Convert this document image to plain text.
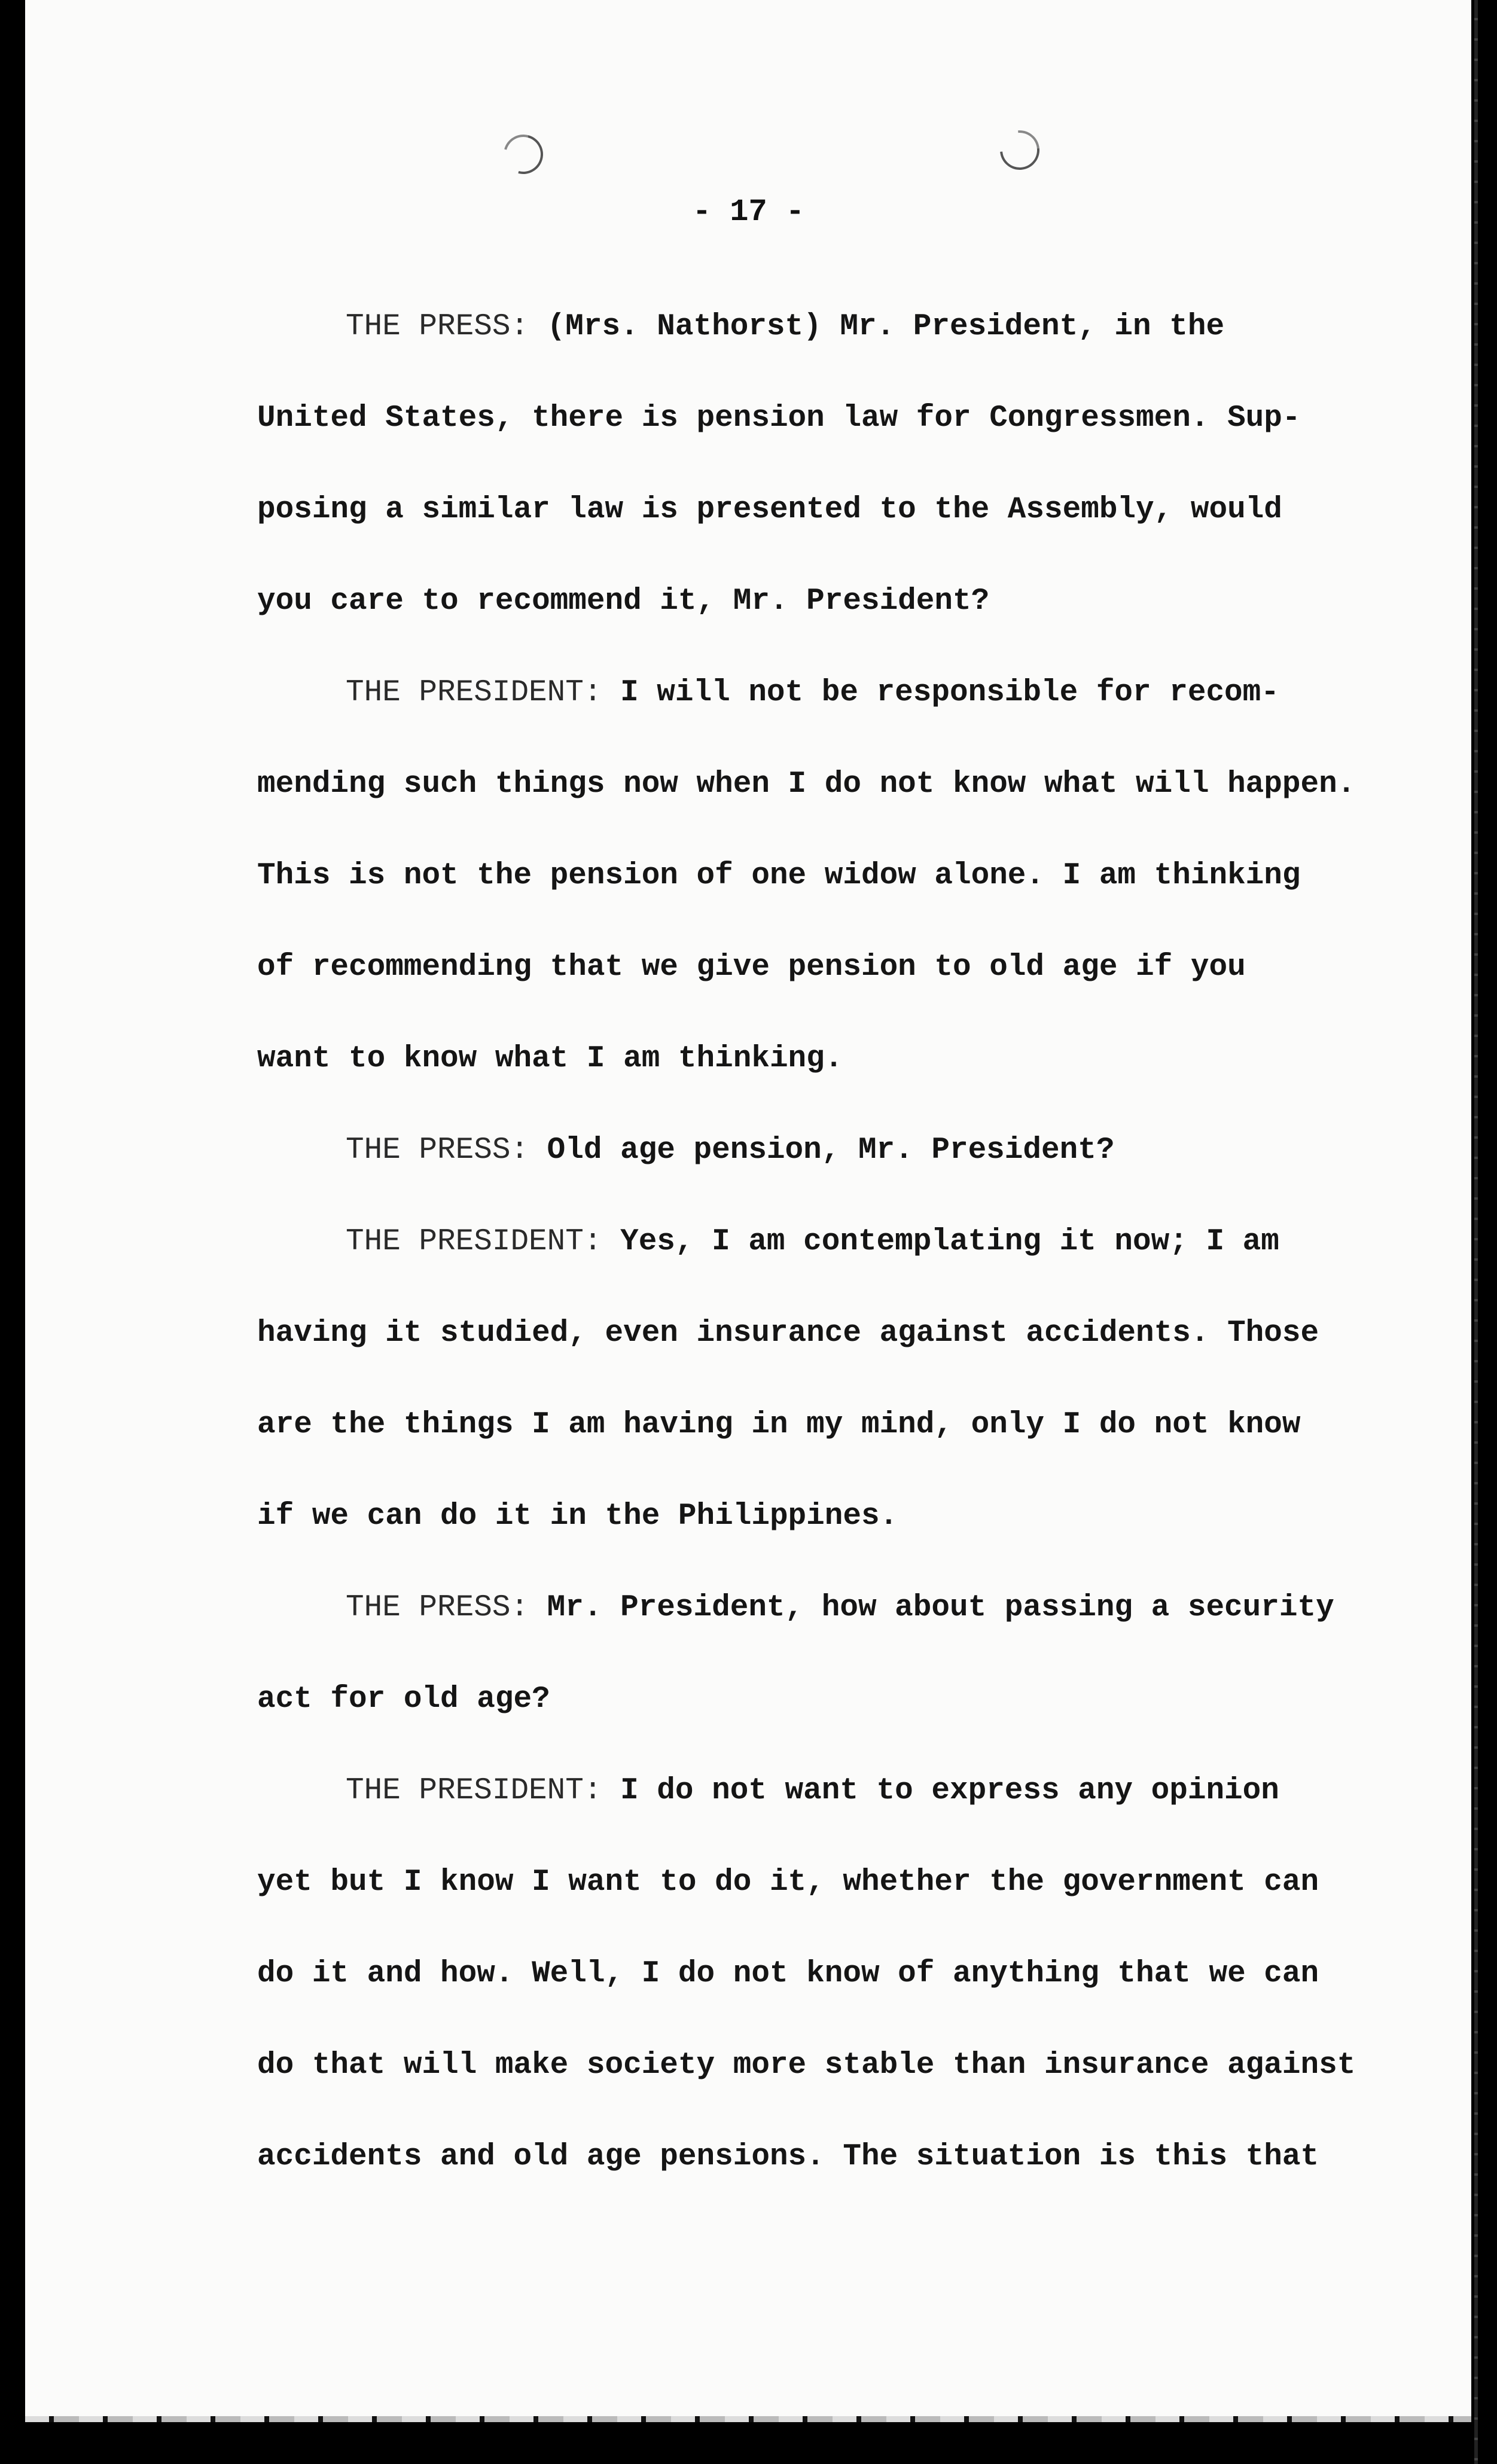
- 17 -
THE PRESS: (Mrs. Nathorst) Mr. President, in the
United States, there is pension law for Congressmen. Sup-
posing a similar law is presented to the Assembly, would
you care to recommend it, Mr. President?
THE PRESIDENT: I will not be responsible for recom-
mending such things now when I do not know what will happen.
This is not the pension of one widow alone. I am thinking
of recommending that we give pension to old age if you
want to know what I am thinking.
THE PRESS: Old age pension, Mr. President?
THE PRESIDENT: Yes, I am contemplating it now; I am
having it studied, even insurance against accidents. Those
are the things I am having in my mind, only I do not know
if we can do it in the Philippines.
THE PRESS: Mr. President, how about passing a security
act for old age?
THE PRESIDENT: I do not want to express any opinion
yet but I know I want to do it, whether the government can
do it and how. Well, I do not know of anything that we can
do that will make society more stable than insurance against
accidents and old age pensions. The situation is this that
